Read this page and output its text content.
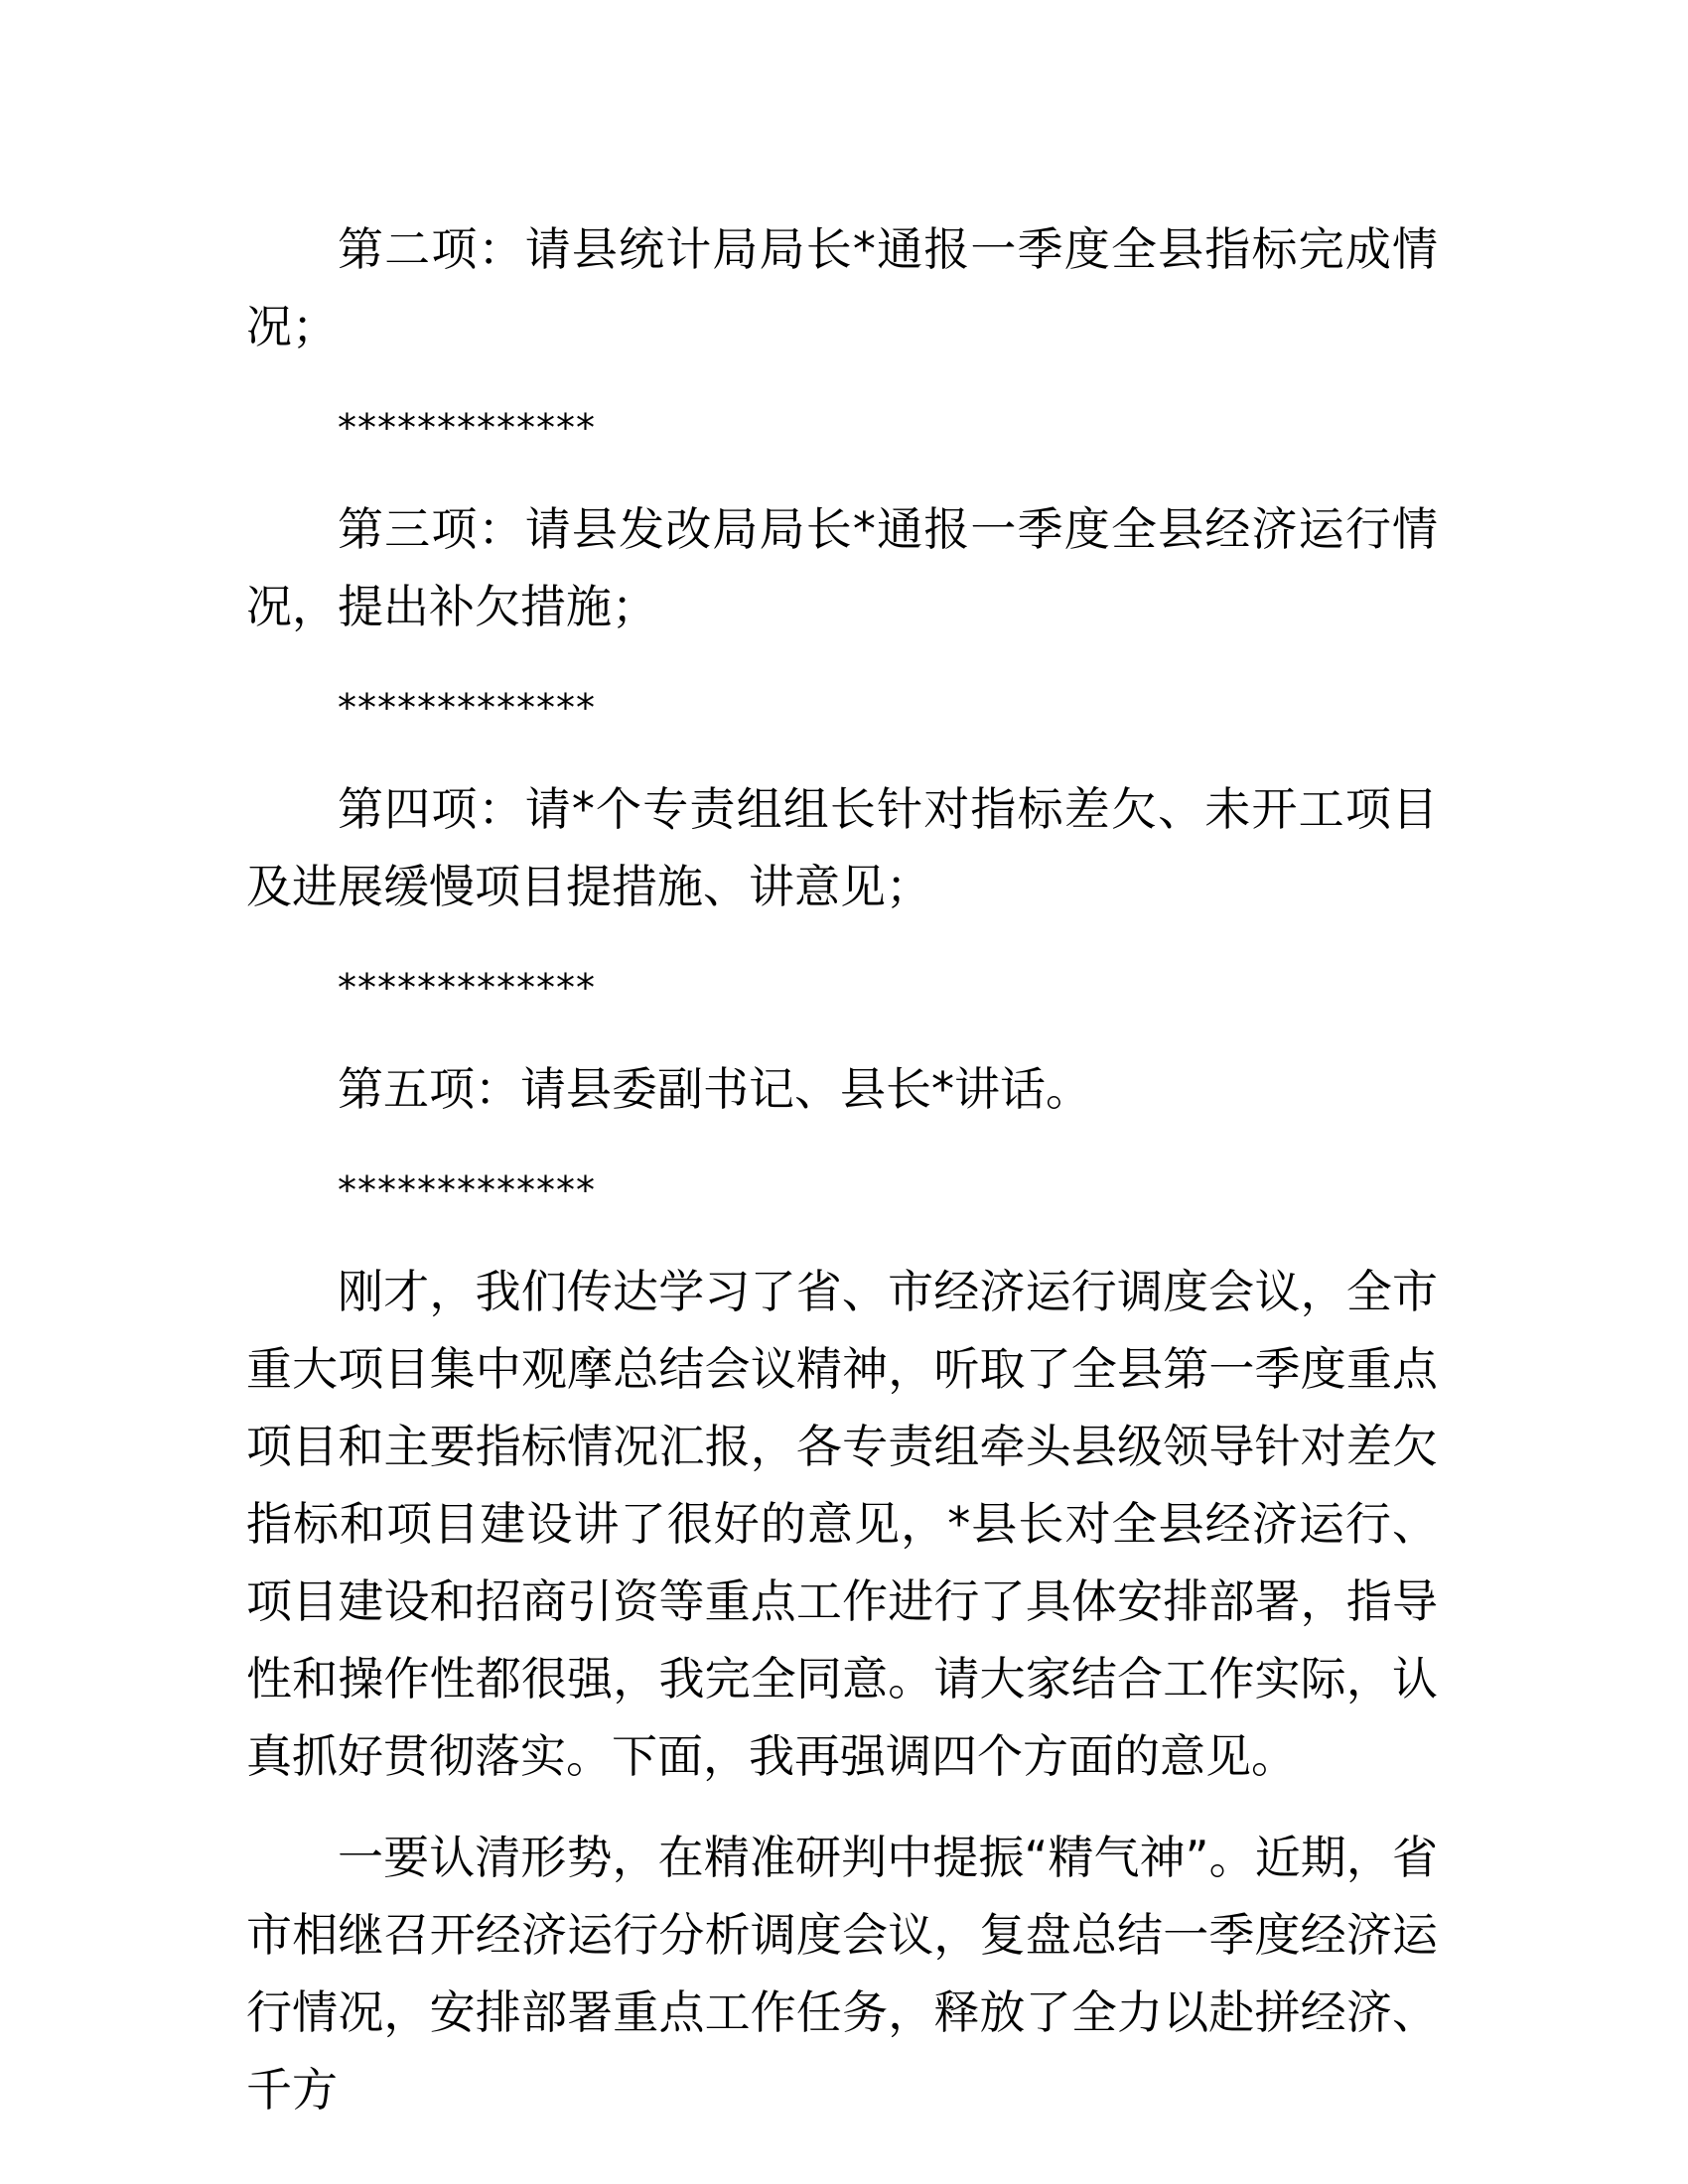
第二项：请县统计局局长*通报一季度全县指标完成情况；

*************

第三项：请县发改局局长*通报一季度全县经济运行情况，提出补欠措施；

*************

第四项：请*个专责组组长针对指标差欠、未开工项目及进展缓慢项目提措施、讲意见；

*************

第五项：请县委副书记、县长*讲话。

*************

刚才，我们传达学习了省、市经济运行调度会议，全市重大项目集中观摩总结会议精神，听取了全县第一季度重点项目和主要指标情况汇报，各专责组牵头县级领导针对差欠指标和项目建设讲了很好的意见，*县长对全县经济运行、项目建设和招商引资等重点工作进行了具体安排部署，指导性和操作性都很强，我完全同意。请大家结合工作实际，认真抓好贯彻落实。下面，我再强调四个方面的意见。

一要认清形势，在精准研判中提振“精气神”。近期，省市相继召开经济运行分析调度会议，复盘总结一季度经济运行情况，安排部署重点工作任务，释放了全力以赴拼经济、千方
